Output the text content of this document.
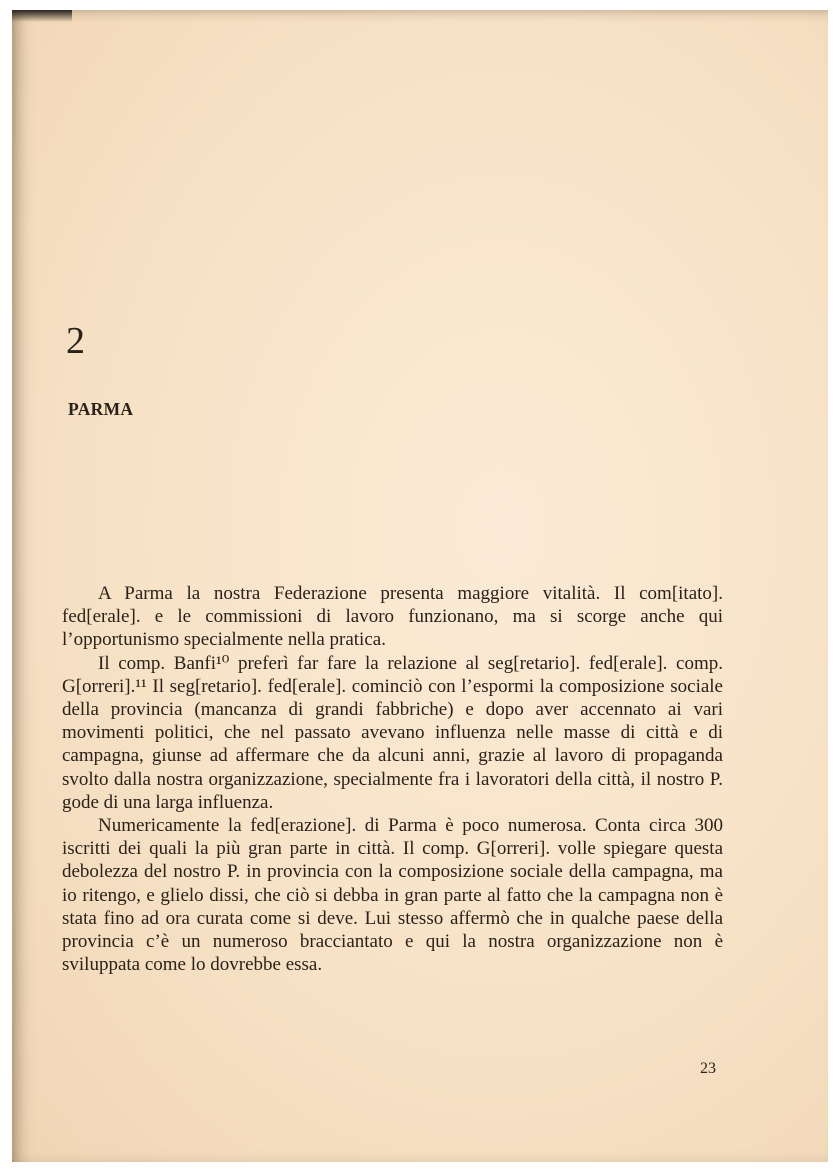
2
PARMA

A Parma la nostra Federazione presenta maggiore vitalità. Il com[itato]. fed[erale]. e le commissioni di lavoro funzionano, ma si scorge anche qui l’opportunismo specialmente nella pratica.

Il comp. Banfi¹⁰ preferì far fare la relazione al seg[retario]. fed[erale]. comp. G[orreri].¹¹ Il seg[retario]. fed[erale]. cominciò con l’espormi la composizione sociale della provincia (mancanza di grandi fabbriche) e dopo aver accennato ai vari movimenti politici, che nel passato avevano influenza nelle masse di città e di campagna, giunse ad affermare che da alcuni anni, grazie al lavoro di propaganda svolto dalla nostra organizzazione, specialmente fra i lavoratori della città, il nostro P. gode di una larga influenza.

Numericamente la fed[erazione]. di Parma è poco numerosa. Conta circa 300 iscritti dei quali la più gran parte in città. Il comp. G[orreri]. volle spiegare questa debolezza del nostro P. in provincia con la composizione sociale della campagna, ma io ritengo, e glielo dissi, che ciò si debba in gran parte al fatto che la campagna non è stata fino ad ora curata come si deve. Lui stesso affermò che in qualche paese della provincia c’è un numeroso bracciantato e qui la nostra organizzazione non è sviluppata come lo dovrebbe essa.

23
